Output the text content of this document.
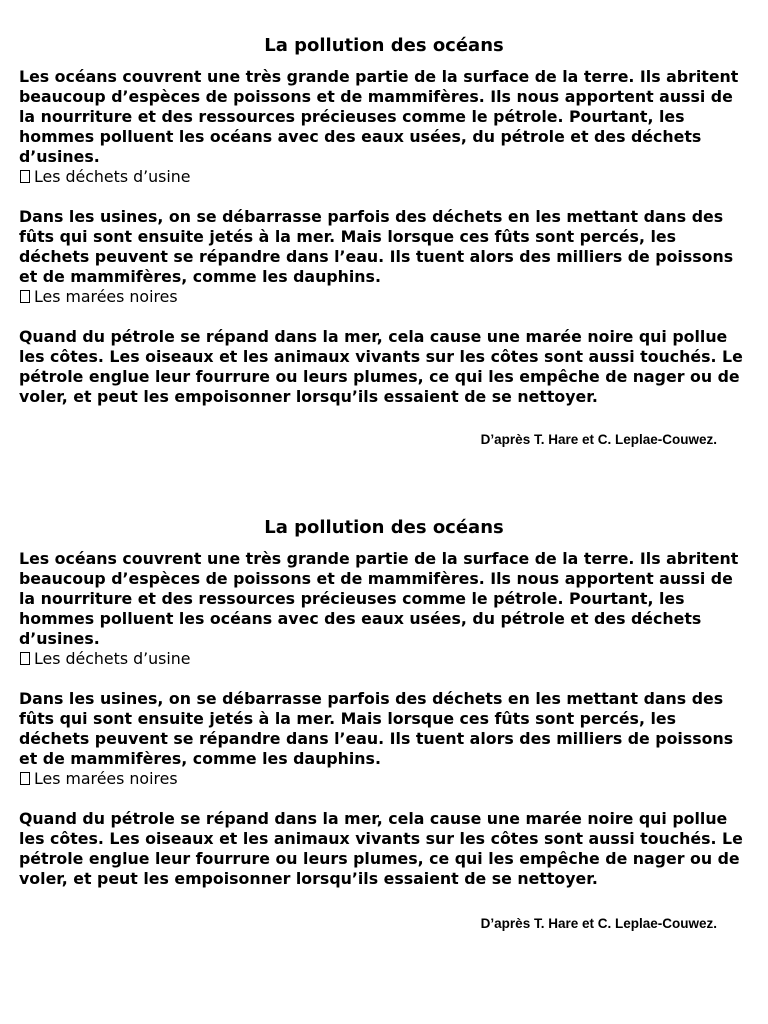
La pollution des océans

Les océans couvrent une très grande partie de la surface de la terre. Ils abritent beaucoup d’espèces de poissons et de mammifères. Ils nous apportent aussi de la nourriture et des ressources précieuses comme le pétrole. Pourtant, les hommes polluent les océans avec des eaux usées, du pétrole et des déchets d’usines.

Les déchets d’usine

Dans les usines, on se débarrasse parfois des déchets en les mettant dans des fûts qui sont ensuite jetés à la mer. Mais lorsque ces fûts sont percés, les déchets peuvent se répandre dans l’eau. Ils tuent alors des milliers de poissons et de mammifères, comme les dauphins.

Les marées noires

Quand du pétrole se répand dans la mer, cela cause une marée noire qui pollue les côtes. Les oiseaux et les animaux vivants sur les côtes sont aussi touchés. Le pétrole englue leur fourrure ou leurs plumes, ce qui les empêche de nager ou de voler, et peut les empoisonner lorsqu’ils essaient de se nettoyer.

D’après T. Hare et C. Leplae-Couwez.
La pollution des océans

Les océans couvrent une très grande partie de la surface de la terre. Ils abritent beaucoup d’espèces de poissons et de mammifères. Ils nous apportent aussi de la nourriture et des ressources précieuses comme le pétrole. Pourtant, les hommes polluent les océans avec des eaux usées, du pétrole et des déchets d’usines.

Les déchets d’usine

Dans les usines, on se débarrasse parfois des déchets en les mettant dans des fûts qui sont ensuite jetés à la mer. Mais lorsque ces fûts sont percés, les déchets peuvent se répandre dans l’eau. Ils tuent alors des milliers de poissons et de mammifères, comme les dauphins.

Les marées noires

Quand du pétrole se répand dans la mer, cela cause une marée noire qui pollue les côtes. Les oiseaux et les animaux vivants sur les côtes sont aussi touchés. Le pétrole englue leur fourrure ou leurs plumes, ce qui les empêche de nager ou de voler, et peut les empoisonner lorsqu’ils essaient de se nettoyer.

D’après T. Hare et C. Leplae-Couwez.
